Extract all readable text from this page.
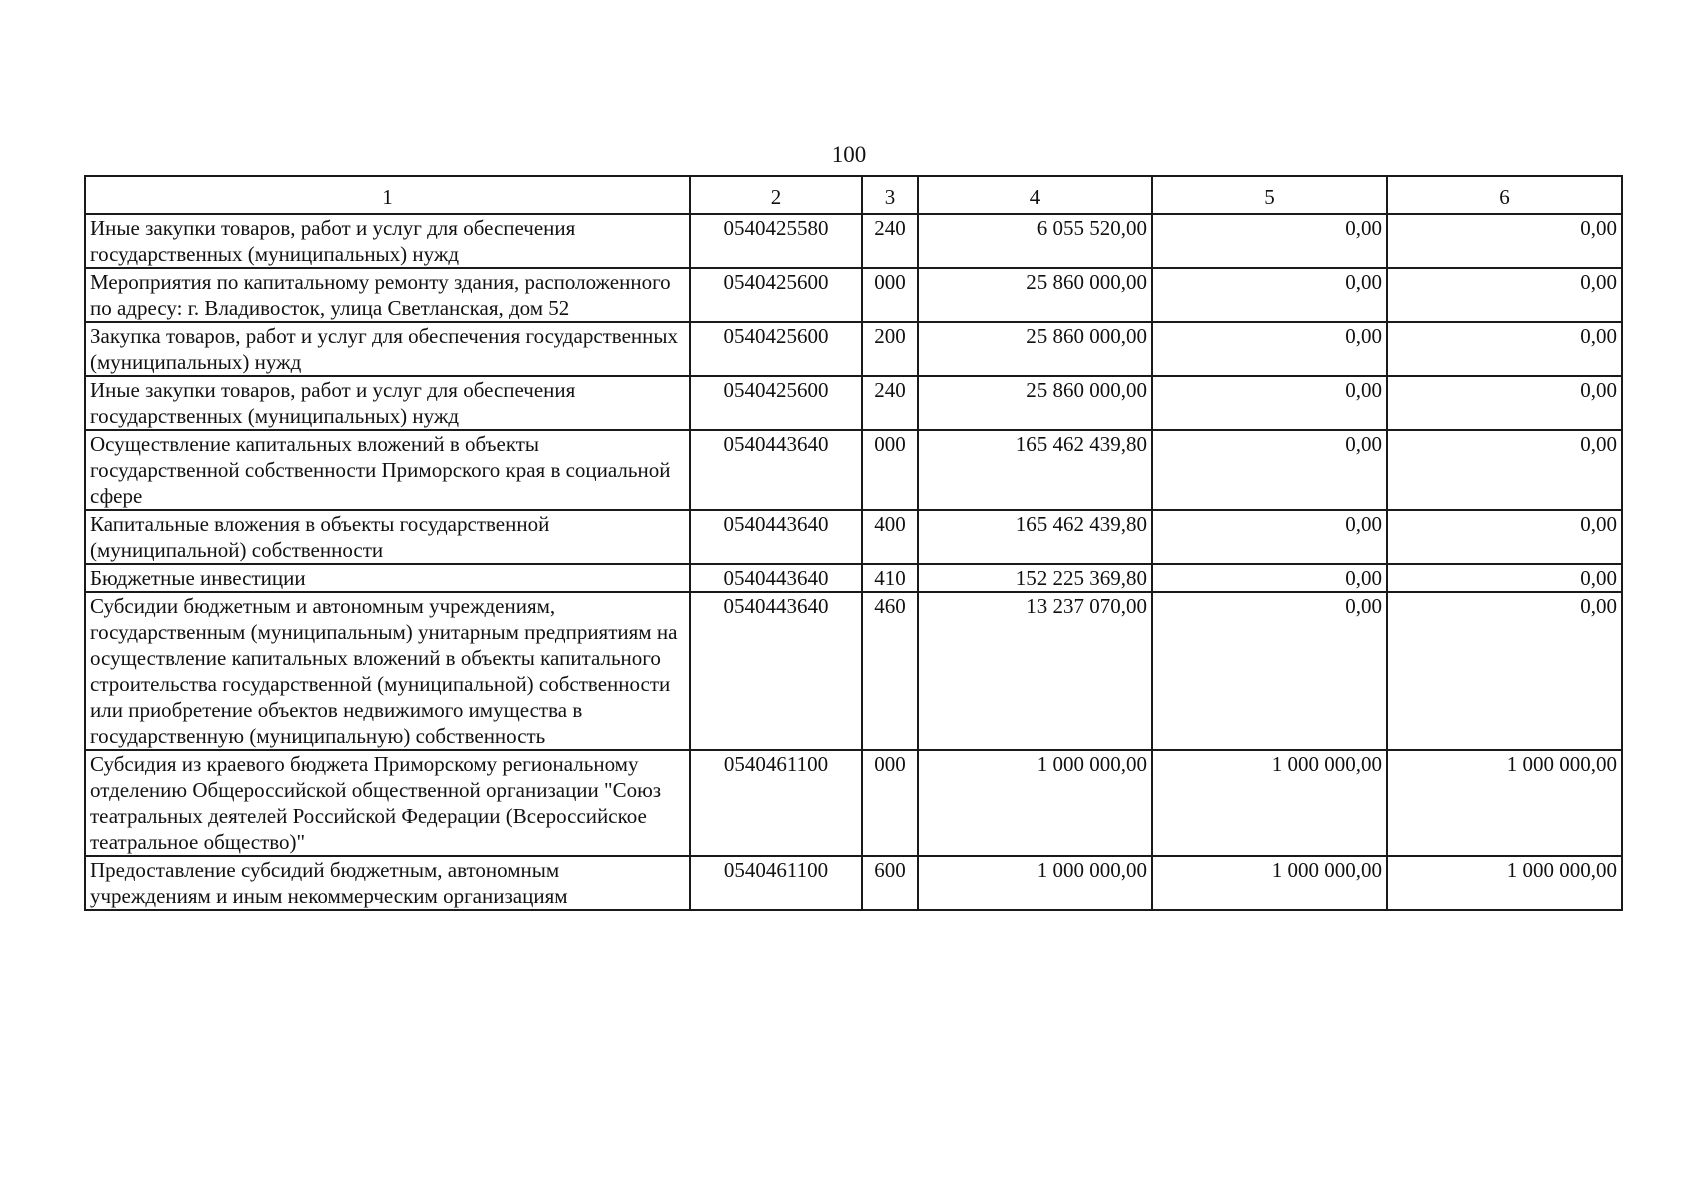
100
1	2	3	4	5	6
Иные закупки товаров, работ и услуг для обеспечения государственных (муниципальных) нужд	0540425580	240	6 055 520,00	0,00	0,00
Мероприятия по капитальному ремонту здания, расположенного по адресу: г. Владивосток, улица Светланская, дом 52	0540425600	000	25 860 000,00	0,00	0,00
Закупка товаров, работ и услуг для обеспечения государственных (муниципальных) нужд	0540425600	200	25 860 000,00	0,00	0,00
Иные закупки товаров, работ и услуг для обеспечения государственных (муниципальных) нужд	0540425600	240	25 860 000,00	0,00	0,00
Осуществление капитальных вложений в объекты государственной собственности Приморского края в социальной сфере	0540443640	000	165 462 439,80	0,00	0,00
Капитальные вложения в объекты государственной (муниципальной) собственности	0540443640	400	165 462 439,80	0,00	0,00
Бюджетные инвестиции	0540443640	410	152 225 369,80	0,00	0,00
Субсидии бюджетным и автономным учреждениям, государственным (муниципальным) унитарным предприятиям на осуществление капитальных вложений в объекты капитального строительства государственной (муниципальной) собственности или приобретение объектов недвижимого имущества в государственную (муниципальную) собственность	0540443640	460	13 237 070,00	0,00	0,00
Субсидия из краевого бюджета Приморскому региональному отделению Общероссийской общественной организации "Союз театральных деятелей Российской Федерации (Всероссийское театральное общество)"	0540461100	000	1 000 000,00	1 000 000,00	1 000 000,00
Предоставление субсидий бюджетным, автономным учреждениям и иным некоммерческим организациям	0540461100	600	1 000 000,00	1 000 000,00	1 000 000,00
